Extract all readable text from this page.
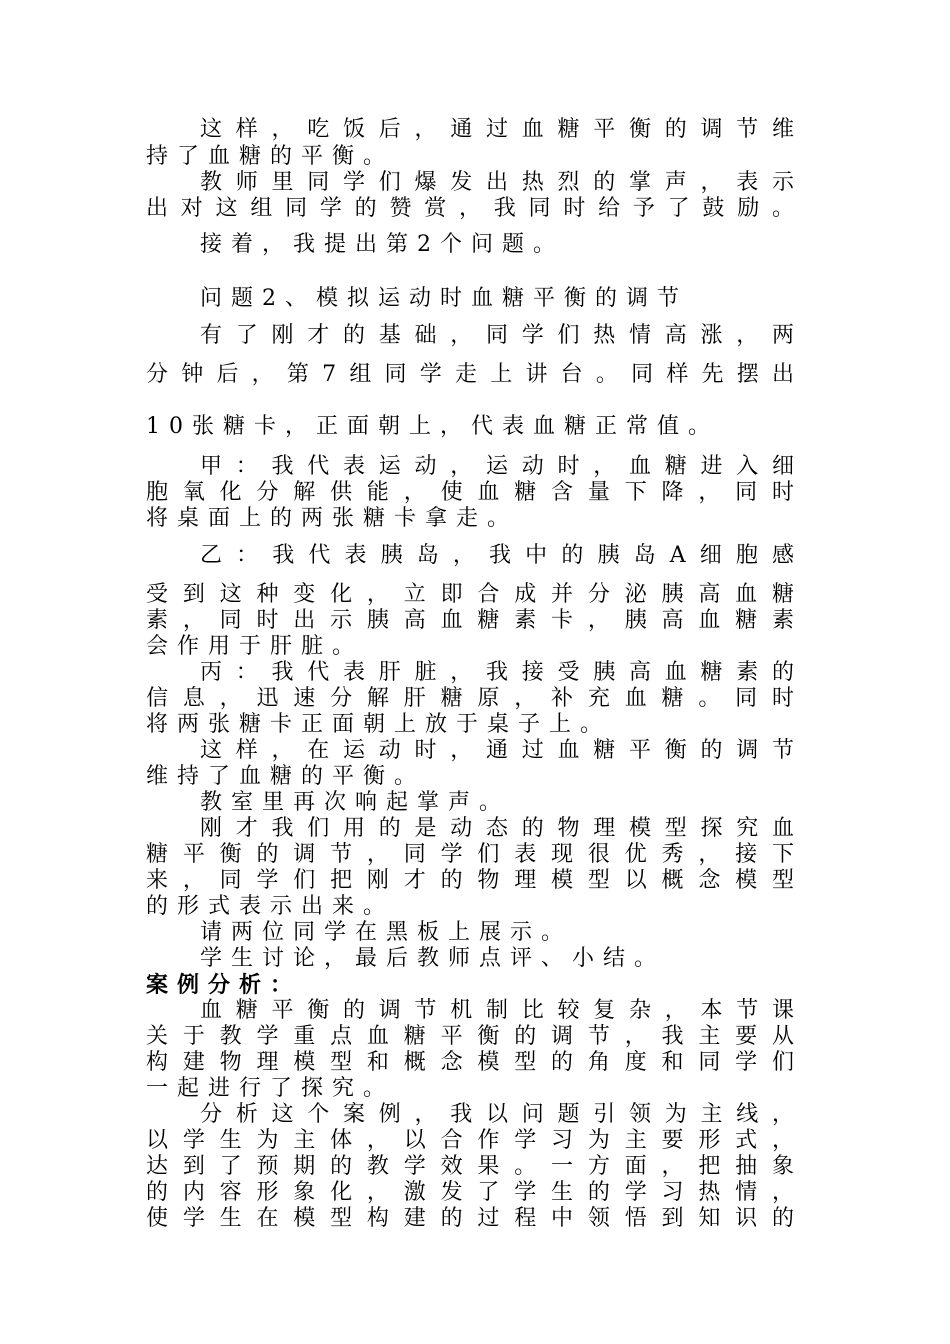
这样，吃饭后，通过血糖平衡的调节维
持了血糖的平衡。
教师里同学们爆发出热烈的掌声，表示
出对这组同学的赞赏，我同时给予了鼓励。
接着，我提出第2个问题。
问题2、模拟运动时血糖平衡的调节
有了刚才的基础，同学们热情高涨，两
分钟后，第7组同学走上讲台。同样先摆出
10张糖卡，正面朝上，代表血糖正常值。
甲：我代表运动，运动时，血糖进入细
胞氧化分解供能，使血糖含量下降，同时
将桌面上的两张糖卡拿走。
乙：我代表胰岛，我中的胰岛A细胞感
受到这种变化，立即合成并分泌胰高血糖
素，同时出示胰高血糖素卡，胰高血糖素
会作用于肝脏。
丙：我代表肝脏，我接受胰高血糖素的
信息，迅速分解肝糖原，补充血糖。同时
将两张糖卡正面朝上放于桌子上。
这样，在运动时，通过血糖平衡的调节
维持了血糖的平衡。
教室里再次响起掌声。
刚才我们用的是动态的物理模型探究血
糖平衡的调节，同学们表现很优秀，接下
来，同学们把刚才的物理模型以概念模型
的形式表示出来。
请两位同学在黑板上展示。
学生讨论，最后教师点评、小结。
案例分析：
血糖平衡的调节机制比较复杂，本节课
关于教学重点血糖平衡的调节，我主要从
构建物理模型和概念模型的角度和同学们
一起进行了探究。
分析这个案例，我以问题引领为主线，
以学生为主体，以合作学习为主要形式，
达到了预期的教学效果。一方面，把抽象
的内容形象化，激发了学生的学习热情，
使学生在模型构建的过程中领悟到知识的
